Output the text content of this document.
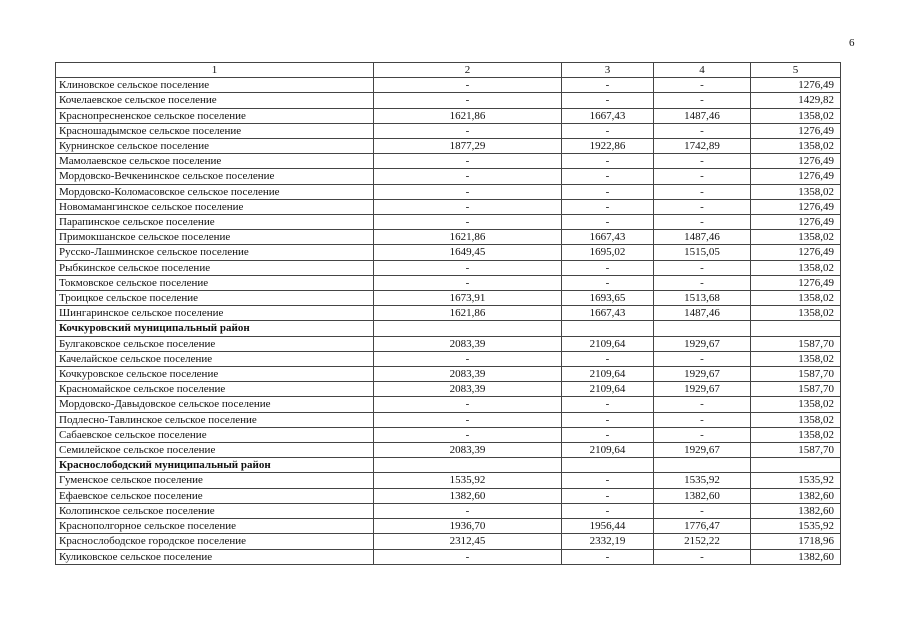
6
1	2	3	4	5
Клиновское сельское поселение	-	-	-	1276,49
Кочелаевское сельское поселение	-	-	-	1429,82
Краснопресненское сельское поселение	1621,86	1667,43	1487,46	1358,02
Красношадымское сельское поселение	-	-	-	1276,49
Курнинское сельское поселение	1877,29	1922,86	1742,89	1358,02
Мамолаевское сельское поселение	-	-	-	1276,49
Мордовско-Вечкенинское сельское поселение	-	-	-	1276,49
Мордовско-Коломасовское сельское поселение	-	-	-	1358,02
Новомамангинское сельское поселение	-	-	-	1276,49
Парапинское сельское поселение	-	-	-	1276,49
Примокшанское сельское поселение	1621,86	1667,43	1487,46	1358,02
Русско-Лашминское сельское поселение	1649,45	1695,02	1515,05	1276,49
Рыбкинское сельское поселение	-	-	-	1358,02
Токмовское сельское поселение	-	-	-	1276,49
Троицкое сельское поселение	1673,91	1693,65	1513,68	1358,02
Шингаринское сельское поселение	1621,86	1667,43	1487,46	1358,02
Кочкуровский муниципальный район				
Булгаковское сельское поселение	2083,39	2109,64	1929,67	1587,70
Качелайское сельское поселение	-	-	-	1358,02
Кочкуровское сельское поселение	2083,39	2109,64	1929,67	1587,70
Красномайское сельское поселение	2083,39	2109,64	1929,67	1587,70
Мордовско-Давыдовское сельское поселение	-	-	-	1358,02
Подлесно-Тавлинское сельское поселение	-	-	-	1358,02
Сабаевское сельское поселение	-	-	-	1358,02
Семилейское сельское поселение	2083,39	2109,64	1929,67	1587,70
Краснослободский муниципальный район				
Гуменское сельское поселение	1535,92	-	1535,92	1535,92
Ефаевское сельское поселение	1382,60	-	1382,60	1382,60
Колопинское сельское поселение	-	-	-	1382,60
Краснополгорное сельское поселение	1936,70	1956,44	1776,47	1535,92
Краснослободское городское поселение	2312,45	2332,19	2152,22	1718,96
Куликовское сельское поселение	-	-	-	1382,60
